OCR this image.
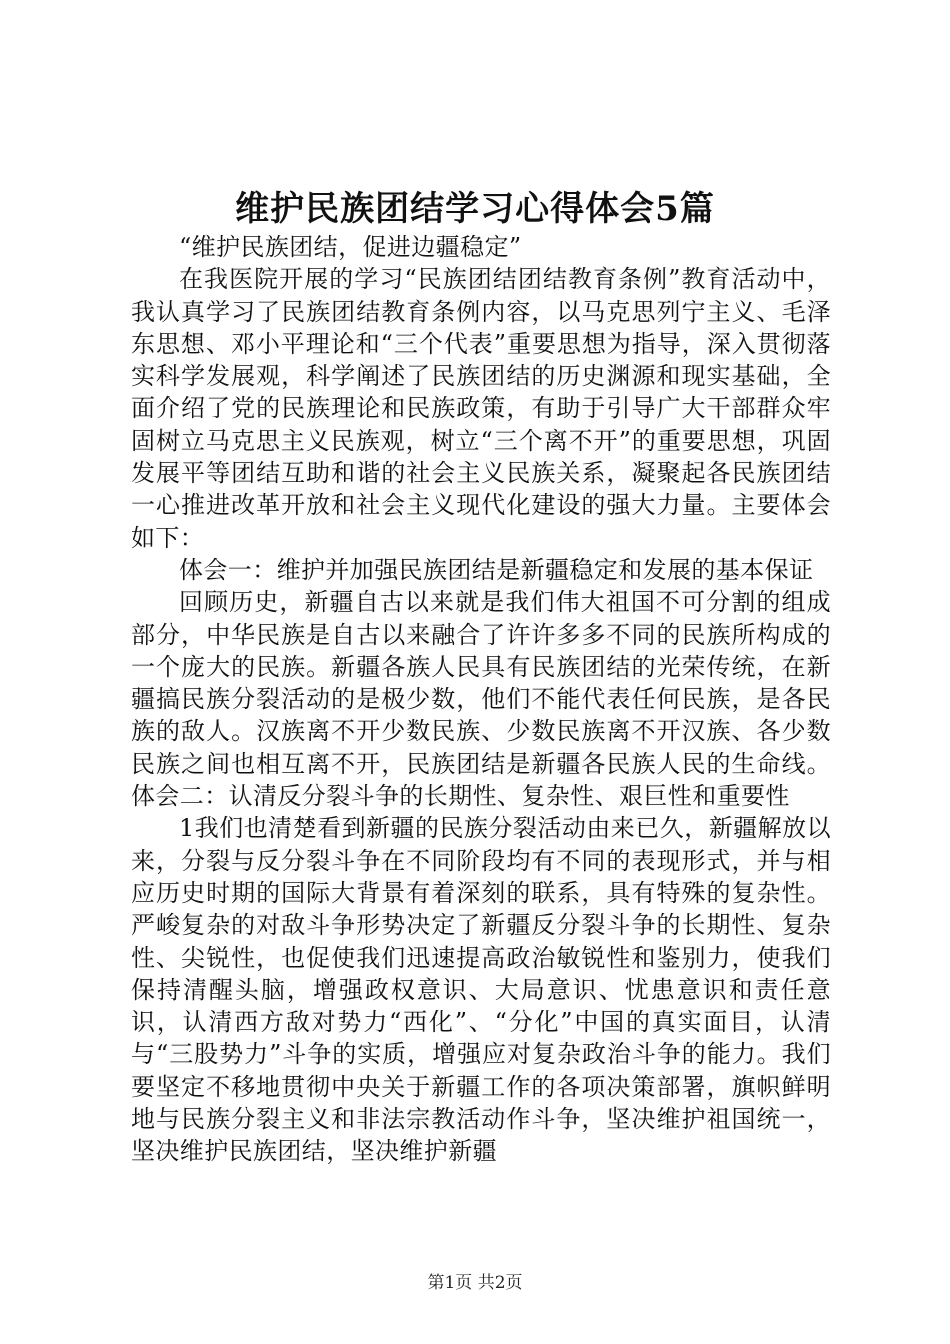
维护民族团结学习心得体会5篇

“维护民族团结，促进边疆稳定”

在我医院开展的学习“民族团结团结教育条例”教育活动中，我认真学习了民族团结教育条例内容，以马克思列宁主义、毛泽东思想、邓小平理论和“三个代表”重要思想为指导，深入贯彻落实科学发展观，科学阐述了民族团结的历史渊源和现实基础，全面介绍了党的民族理论和民族政策，有助于引导广大干部群众牢固树立马克思主义民族观，树立“三个离不开”的重要思想，巩固发展平等团结互助和谐的社会主义民族关系，凝聚起各民族团结一心推进改革开放和社会主义现代化建设的强大力量。主要体会如下：

体会一：维护并加强民族团结是新疆稳定和发展的基本保证

回顾历史，新疆自古以来就是我们伟大祖国不可分割的组成部分，中华民族是自古以来融合了许许多多不同的民族所构成的一个庞大的民族。新疆各族人民具有民族团结的光荣传统，在新疆搞民族分裂活动的是极少数，他们不能代表任何民族，是各民族的敌人。汉族离不开少数民族、少数民族离不开汉族、各少数民族之间也相互离不开，民族团结是新疆各民族人民的生命线。体会二：认清反分裂斗争的长期性、复杂性、艰巨性和重要性

1我们也清楚看到新疆的民族分裂活动由来已久，新疆解放以来，分裂与反分裂斗争在不同阶段均有不同的表现形式，并与相应历史时期的国际大背景有着深刻的联系，具有特殊的复杂性。严峻复杂的对敌斗争形势决定了新疆反分裂斗争的长期性、复杂性、尖锐性，也促使我们迅速提高政治敏锐性和鉴别力，使我们保持清醒头脑，增强政权意识、大局意识、忧患意识和责任意识，认清西方敌对势力“西化”、“分化”中国的真实面目，认清与“三股势力”斗争的实质，增强应对复杂政治斗争的能力。我们要坚定不移地贯彻中央关于新疆工作的各项决策部署，旗帜鲜明地与民族分裂主义和非法宗教活动作斗争，坚决维护祖国统一，坚决维护民族团结，坚决维护新疆

第1页 共2页
